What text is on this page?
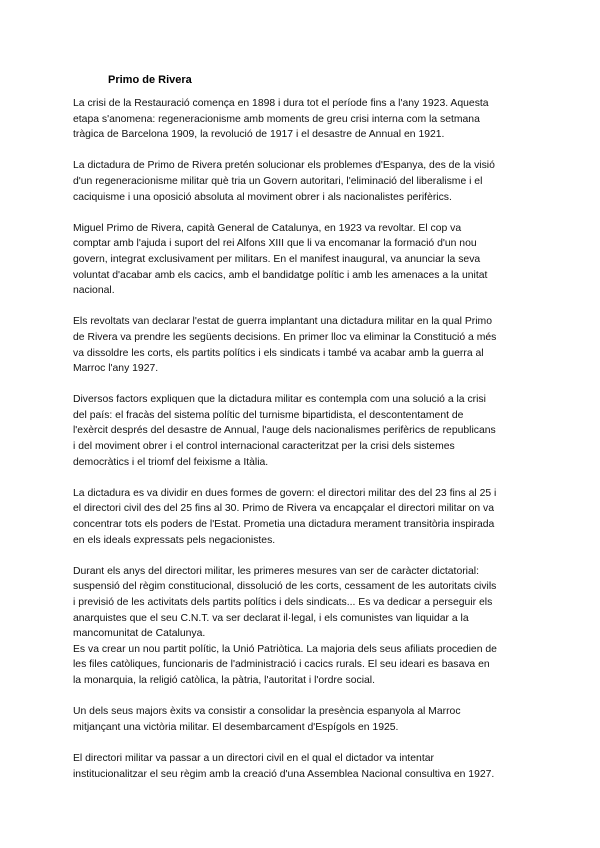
Primo de Rivera

La crisi de la Restauració comença en 1898 i dura tot el període fins a l'any 1923. Aquesta
etapa s'anomena: regeneracionisme amb moments de greu crisi interna com la setmana
tràgica de Barcelona 1909, la revolució de 1917 i el desastre de Annual en 1921.

La dictadura de Primo de Rivera pretén solucionar els problemes d'Espanya, des de la visió
d'un regeneracionisme militar què tria un Govern autoritari, l'eliminació del liberalisme i el
caciquisme i una oposició absoluta al moviment obrer i als nacionalistes perifèrics.

Miguel Primo de Rivera, capità General de Catalunya, en 1923 va revoltar. El cop va
comptar amb l'ajuda i suport del rei Alfons XIII que li va encomanar la formació d'un nou
govern, integrat exclusivament per militars. En el manifest inaugural, va anunciar la seva
voluntat d'acabar amb els cacics, amb el bandidatge polític i amb les amenaces a la unitat
nacional.

Els revoltats van declarar l'estat de guerra implantant una dictadura militar en la qual Primo
de Rivera va prendre les següents decisions. En primer lloc va eliminar la Constitució a més
va dissoldre les corts, els partits polítics i els sindicats i també va acabar amb la guerra al
Marroc l'any 1927.

Diversos factors expliquen que la dictadura militar es contempla com una solució a la crisi
del país: el fracàs del sistema polític del turnisme bipartidista, el descontentament de
l'exèrcit després del desastre de Annual, l'auge dels nacionalismes perifèrics de republicans
i del moviment obrer i el control internacional caracteritzat per la crisi dels sistemes
democràtics i el triomf del feixisme a Itàlia.

La dictadura es va dividir en dues formes de govern: el directori militar des del 23 fins al 25 i
el directori civil des del 25 fins al 30. Primo de Rivera va encapçalar el directori militar on va
concentrar tots els poders de l'Estat. Prometia una dictadura merament transitòria inspirada
en els ideals expressats pels negacionistes.

Durant els anys del directori militar, les primeres mesures van ser de caràcter dictatorial:
suspensió del règim constitucional, dissolució de les corts, cessament de les autoritats civils
i previsió de les activitats dels partits polítics i dels sindicats... Es va dedicar a perseguir els
anarquistes que el seu C.N.T. va ser declarat il·legal, i els comunistes van liquidar a la
mancomunitat de Catalunya.

Es va crear un nou partit polític, la Unió Patriòtica. La majoria dels seus afiliats procedien de
les files catòliques, funcionaris de l'administració i cacics rurals. El seu ideari es basava en
la monarquia, la religió catòlica, la pàtria, l'autoritat i l'ordre social.

Un dels seus majors èxits va consistir a consolidar la presència espanyola al Marroc
mitjançant una victòria militar. El desembarcament d'Espígols en 1925.

El directori militar va passar a un directori civil en el qual el dictador va intentar
institucionalitzar el seu règim amb la creació d'una Assemblea Nacional consultiva en 1927.
